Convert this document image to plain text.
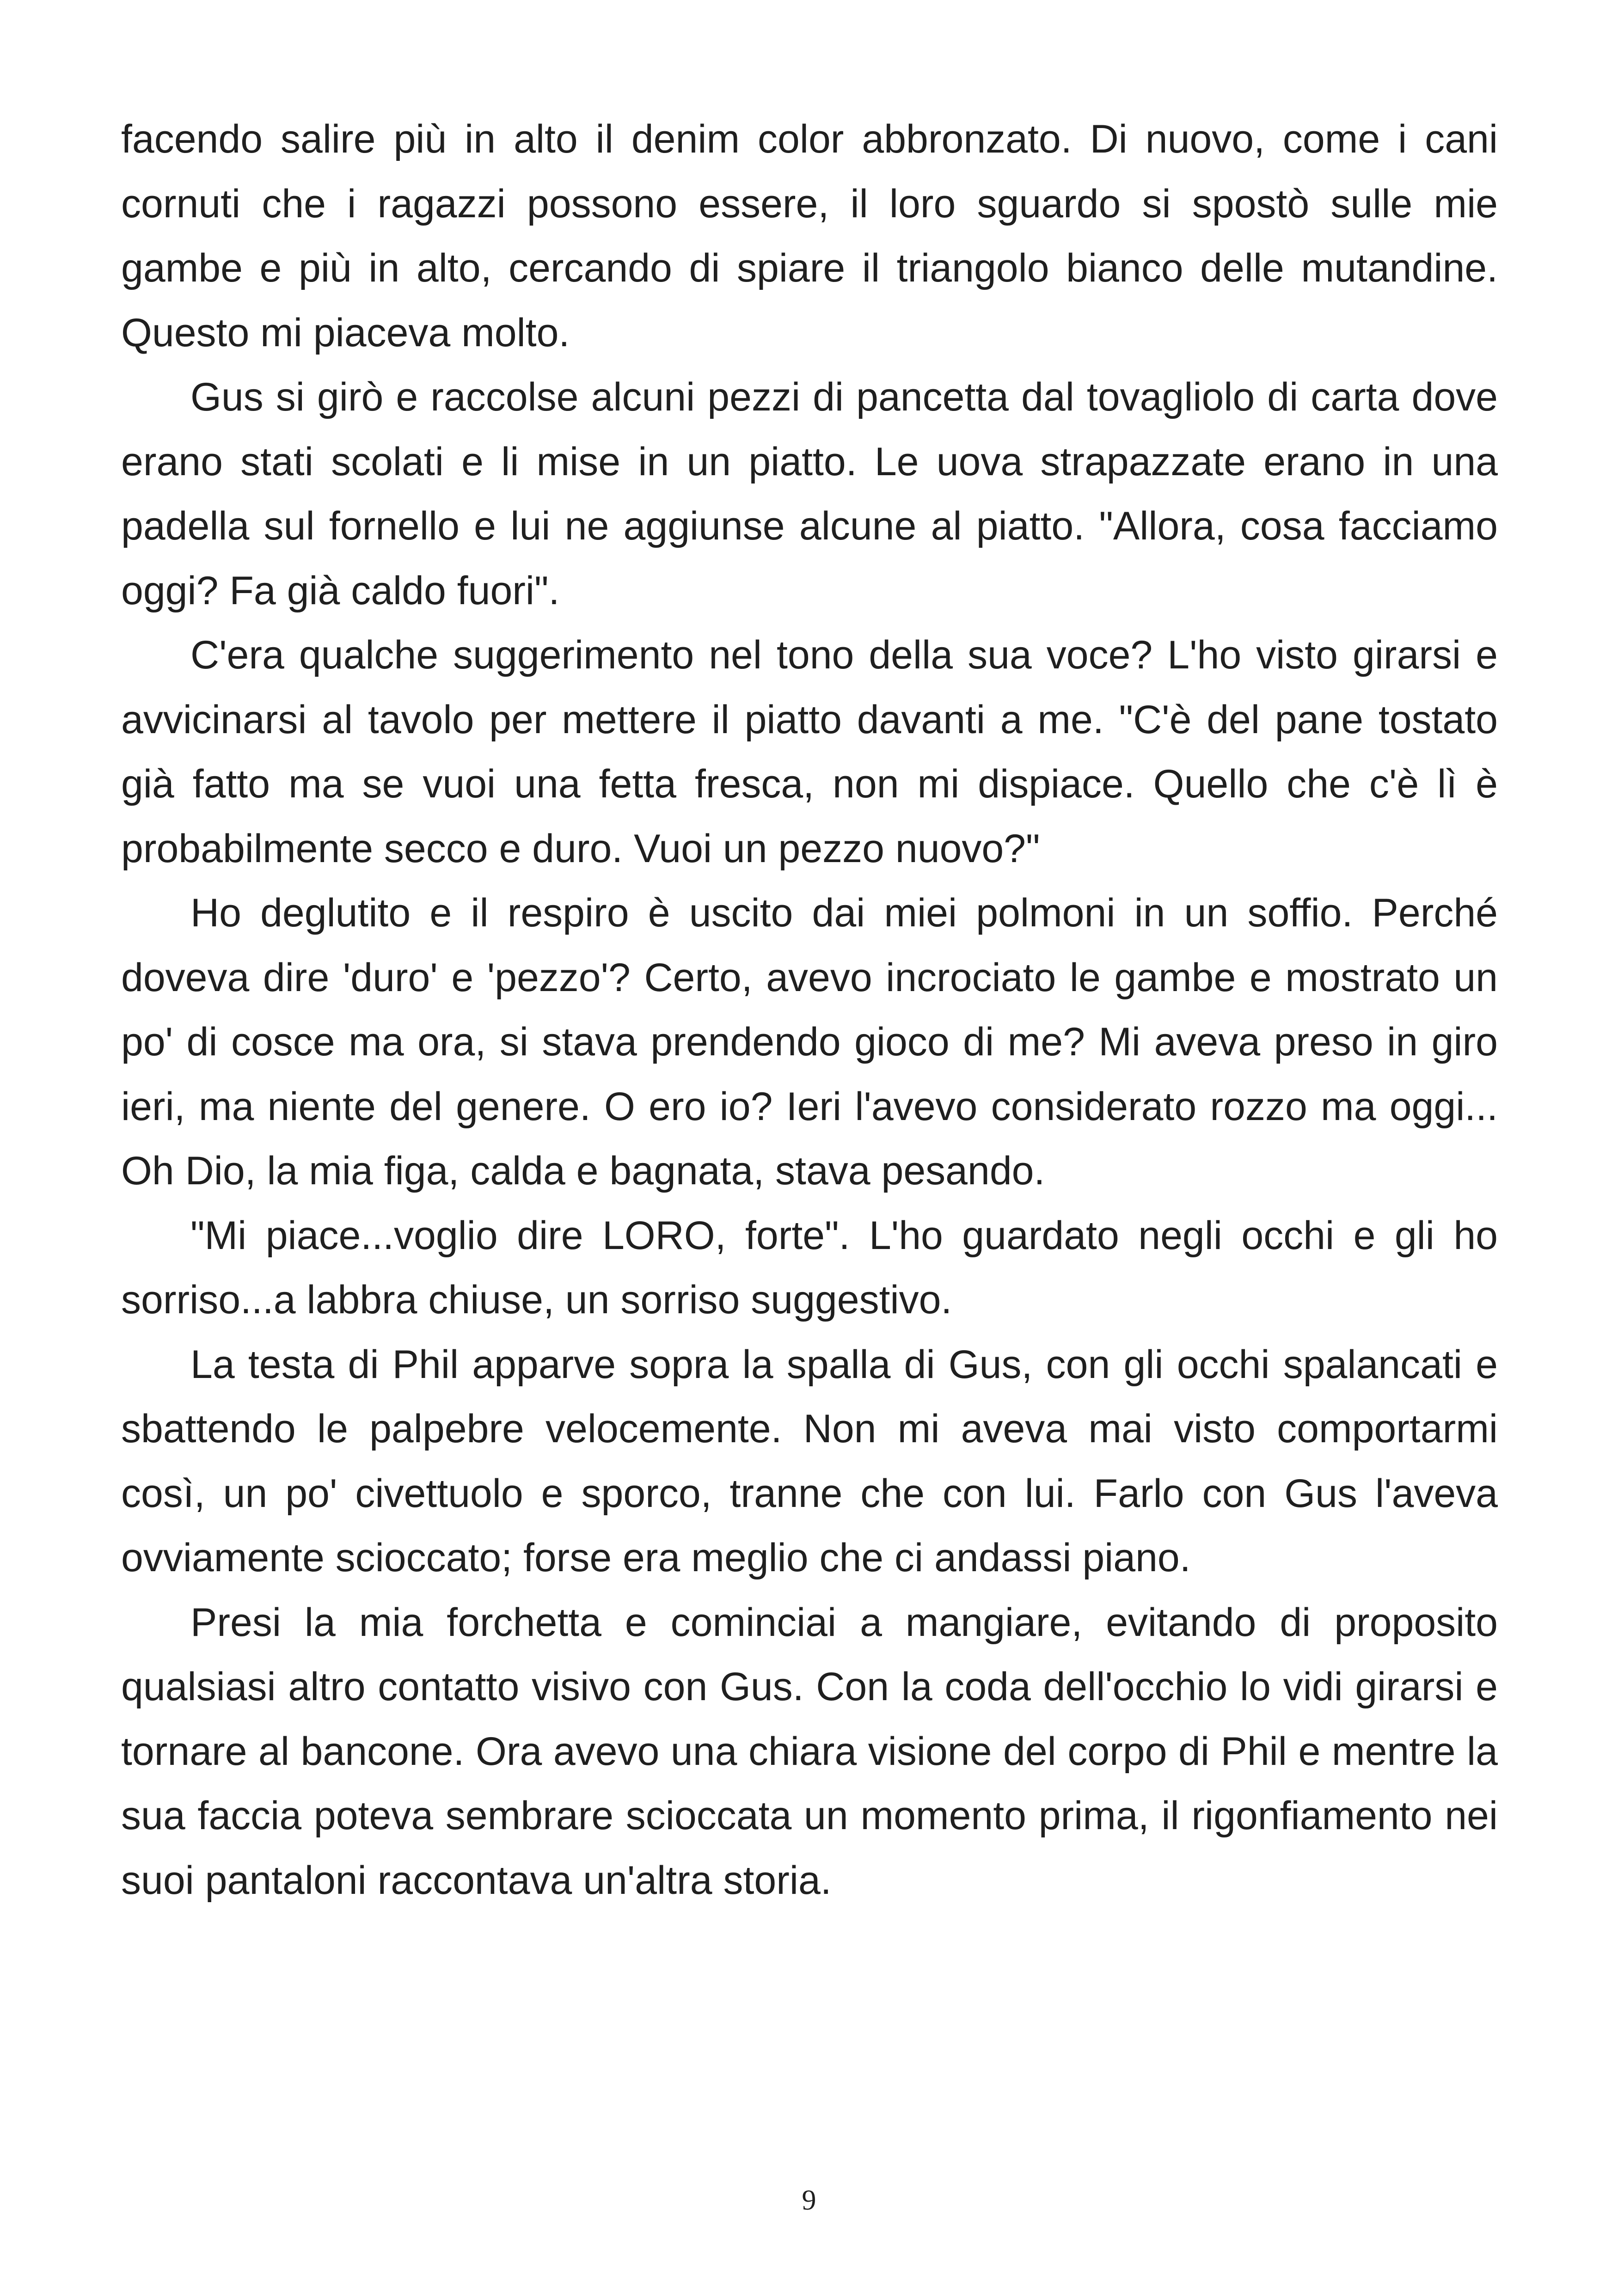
facendo salire più in alto il denim color abbronzato. Di nuovo, come i cani cornuti che i ragazzi possono essere, il loro sguardo si spostò sulle mie gambe e più in alto, cercando di spiare il triangolo bianco delle mutandine. Questo mi piaceva molto.

Gus si girò e raccolse alcuni pezzi di pancetta dal tovagliolo di carta dove erano stati scolati e li mise in un piatto. Le uova strapazzate erano in una padella sul fornello e lui ne aggiunse alcune al piatto. "Allora, cosa facciamo oggi? Fa già caldo fuori".

C'era qualche suggerimento nel tono della sua voce? L'ho visto girarsi e avvicinarsi al tavolo per mettere il piatto davanti a me. "C'è del pane tostato già fatto ma se vuoi una fetta fresca, non mi dispiace. Quello che c'è lì è probabilmente secco e duro. Vuoi un pezzo nuovo?"

Ho deglutito e il respiro è uscito dai miei polmoni in un soffio. Perché doveva dire 'duro' e 'pezzo'? Certo, avevo incrociato le gambe e mostrato un po' di cosce ma ora, si stava prendendo gioco di me? Mi aveva preso in giro ieri, ma niente del genere. O ero io? Ieri l'avevo considerato rozzo ma oggi... Oh Dio, la mia figa, calda e bagnata, stava pesando.

"Mi piace...voglio dire LORO, forte". L'ho guardato negli occhi e gli ho sorriso...a labbra chiuse, un sorriso suggestivo.

La testa di Phil apparve sopra la spalla di Gus, con gli occhi spalancati e sbattendo le palpebre velocemente. Non mi aveva mai visto comportarmi così, un po' civettuolo e sporco, tranne che con lui. Farlo con Gus l'aveva ovviamente scioccato; forse era meglio che ci andassi piano.

Presi la mia forchetta e cominciai a mangiare, evitando di proposito qualsiasi altro contatto visivo con Gus. Con la coda dell'occhio lo vidi girarsi e tornare al bancone. Ora avevo una chiara visione del corpo di Phil e mentre la sua faccia poteva sembrare scioccata un momento prima, il rigonfiamento nei suoi pantaloni raccontava un'altra storia.

9
